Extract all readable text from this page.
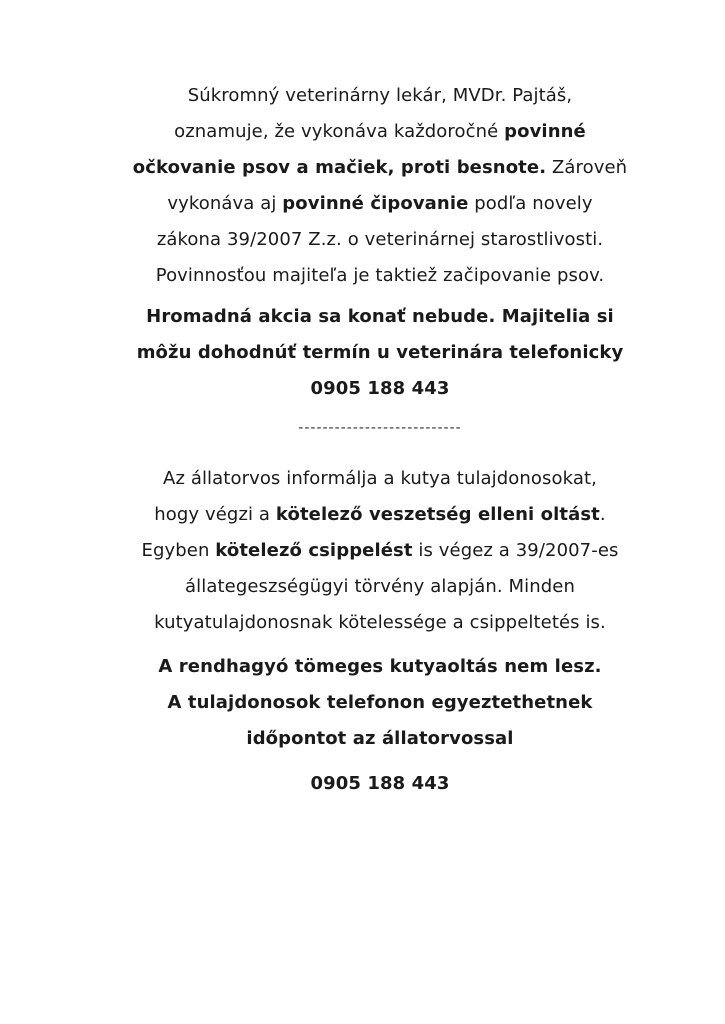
Súkromný veterinárny lekár, MVDr. Pajtáš,

oznamuje, že vykonáva každoročné povinné

očkovanie psov a mačiek, proti besnote. Zároveň

vykonáva aj povinné čipovanie podľa novely

zákona 39/2007 Z.z. o veterinárnej starostlivosti.

Povinnosťou majiteľa je taktiež začipovanie psov.

Hromadná akcia sa konať nebude. Majitelia si

môžu dohodnúť termín u veterinára telefonicky

0905 188 443

---------------------------

Az állatorvos informálja a kutya tulajdonosokat,

hogy végzi a kötelező veszetség elleni oltást.

Egyben kötelező csippelést is végez a 39/2007-es

állategeszségügyi törvény alapján. Minden

kutyatulajdonosnak kötelessége a csippeltetés is.

A rendhagyó tömeges kutyaoltás nem lesz.

A tulajdonosok telefonon egyeztethetnek

időpontot az állatorvossal

0905 188 443
